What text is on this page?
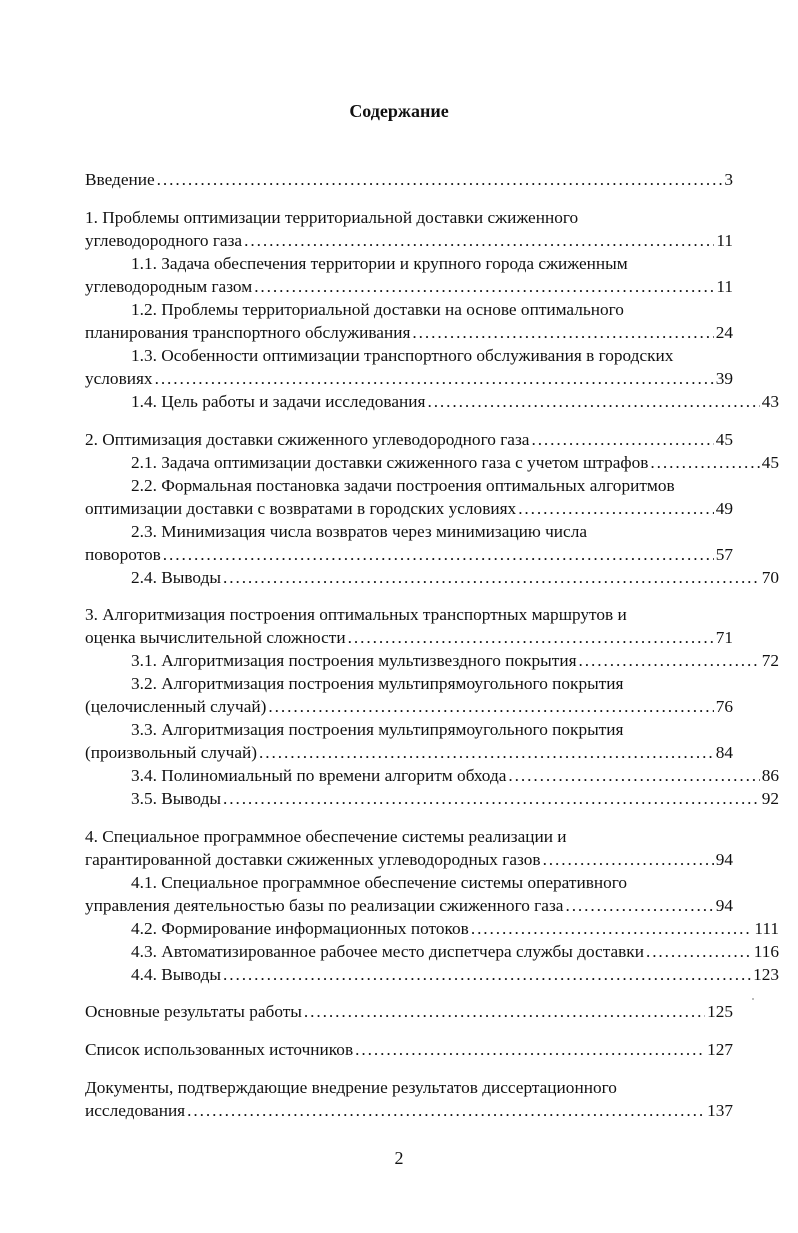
Содержание
Введение . . .	3
1. Проблемы оптимизации территориальной доставки сжиженного
углеводородного газа . . .	11
1.1. Задача обеспечения территории и крупного города сжиженным
углеводородным газом . . .	11
1.2. Проблемы территориальной доставки на основе оптимального
планирования транспортного обслуживания . . .	24
1.3. Особенности оптимизации транспортного обслуживания в городских
условиях . . .	39
1.4. Цель работы и задачи исследования . . .	43
2. Оптимизация доставки сжиженного углеводородного газа . . .	45
2.1. Задача оптимизации доставки сжиженного газа с учетом штрафов . . .	45
2.2. Формальная постановка задачи построения оптимальных алгоритмов
оптимизации доставки с возвратами в городских условиях . . .	49
2.3. Минимизация числа возвратов через минимизацию числа
поворотов . . .	57
2.4. Выводы . . .	70
3. Алгоритмизация построения оптимальных транспортных маршрутов и
оценка вычислительной сложности . . .	71
3.1. Алгоритмизация построения мультизвездного покрытия . . .	72
3.2. Алгоритмизация построения мультипрямоугольного покрытия
(целочисленный случай) . . .	76
3.3. Алгоритмизация построения мультипрямоугольного покрытия
(произвольный случай) . . .	84
3.4. Полиномиальный по времени алгоритм обхода . . .	86
3.5. Выводы . . .	92
4. Специальное программное обеспечение системы реализации и
гарантированной доставки сжиженных углеводородных газов . . .	94
4.1. Специальное программное обеспечение системы оперативного
управления деятельностью базы по реализации сжиженного газа . . .	94
4.2. Формирование информационных потоков . . .	111
4.3. Автоматизированное рабочее место диспетчера службы доставки . . .	116
4.4. Выводы . . .	123
Основные результаты работы . . .	125
Список использованных источников . . .	127
Документы, подтверждающие внедрение результатов диссертационного
исследования . . .	137
2
